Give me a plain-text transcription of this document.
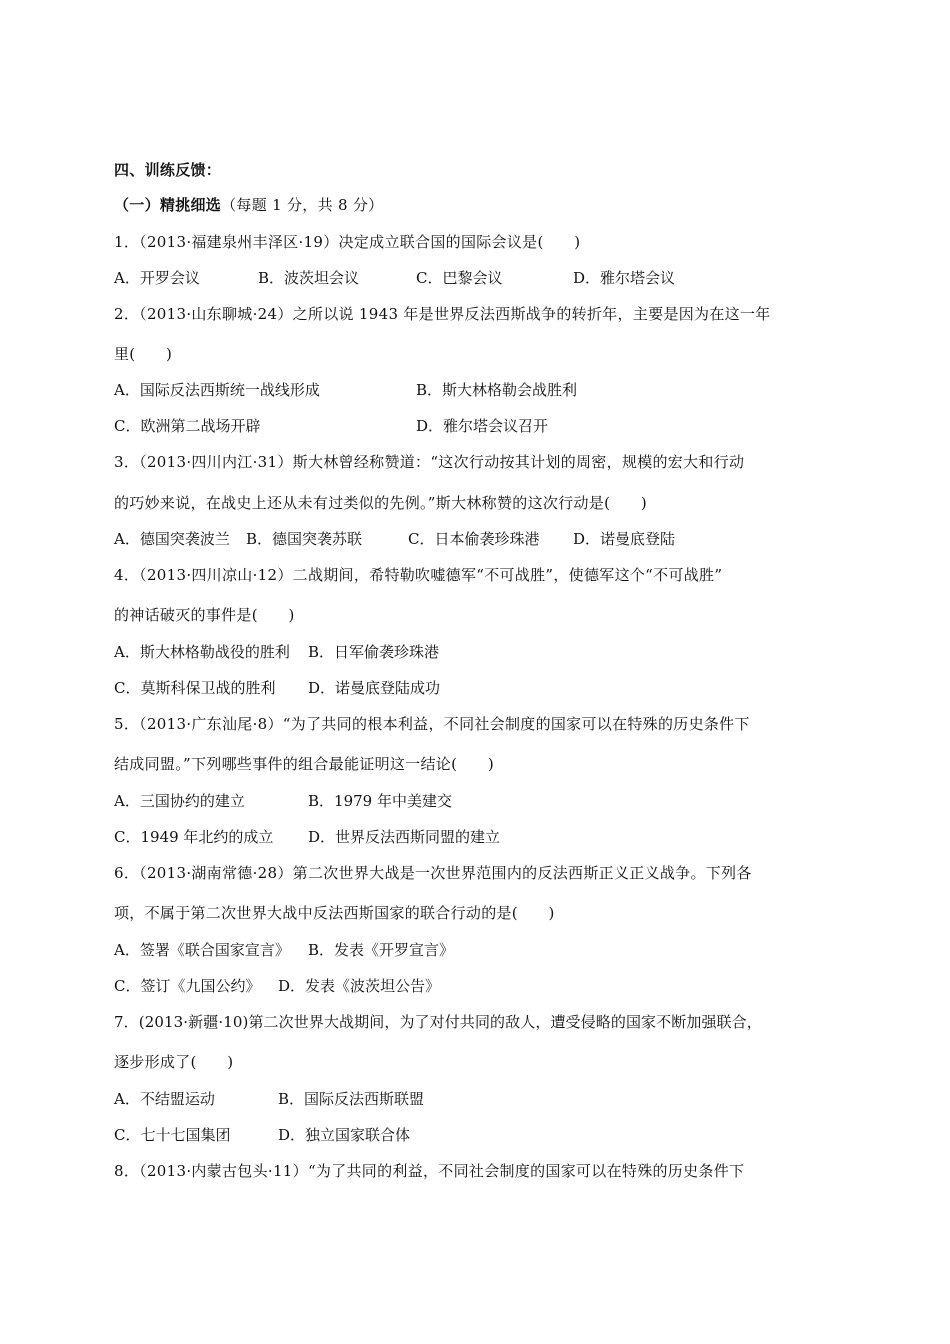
四、训练反馈：
（一）精挑细选（每题 1 分，共 8 分）
1．（2013·福建泉州丰泽区·19）决定成立联合国的国际会议是(　　)
A．开罗会议	B．波茨坦会议	C．巴黎会议	D．雅尔塔会议
2．（2013·山东聊城·24）之所以说 1943 年是世界反法西斯战争的转折年，主要是因为在这一年
里(　　)
A．国际反法西斯统一战线形成	B．斯大林格勒会战胜利
C．欧洲第二战场开辟	D．雅尔塔会议召开
3．（2013·四川内江·31）斯大林曾经称赞道：“这次行动按其计划的周密，规模的宏大和行动
的巧妙来说，在战史上还从未有过类似的先例。”斯大林称赞的这次行动是(　　)
A．德国突袭波兰 B．德国突袭苏联	C．日本偷袭珍珠港 D．诺曼底登陆
4．（2013·四川凉山·12）二战期间，希特勒吹嘘德军“不可战胜”，使德军这个“不可战胜”
的神话破灭的事件是(　　)
A．斯大林格勒战役的胜利 B．日军偷袭珍珠港
C．莫斯科保卫战的胜利 D．诺曼底登陆成功
5．（2013·广东汕尾·8）“为了共同的根本利益，不同社会制度的国家可以在特殊的历史条件下
结成同盟。”下列哪些事件的组合最能证明这一结论(　　)
A．三国协约的建立	B．1979 年中美建交
C．1949 年北约的成立 D．世界反法西斯同盟的建立
6．（2013·湖南常德·28）第二次世界大战是一次世界范围内的反法西斯正义正义战争。下列各
项，不属于第二次世界大战中反法西斯国家的联合行动的是(　　)
A．签署《联合国家宣言》 B．发表《开罗宣言》
C．签订《九国公约》 D．发表《波茨坦公告》
7．(2013·新疆·10)第二次世界大战期间，为了对付共同的敌人，遭受侵略的国家不断加强联合，
逐步形成了(　　)
A．不结盟运动	B．国际反法西斯联盟
C．七十七国集团	D．独立国家联合体
8．（2013·内蒙古包头·11）“为了共同的利益，不同社会制度的国家可以在特殊的历史条件下
